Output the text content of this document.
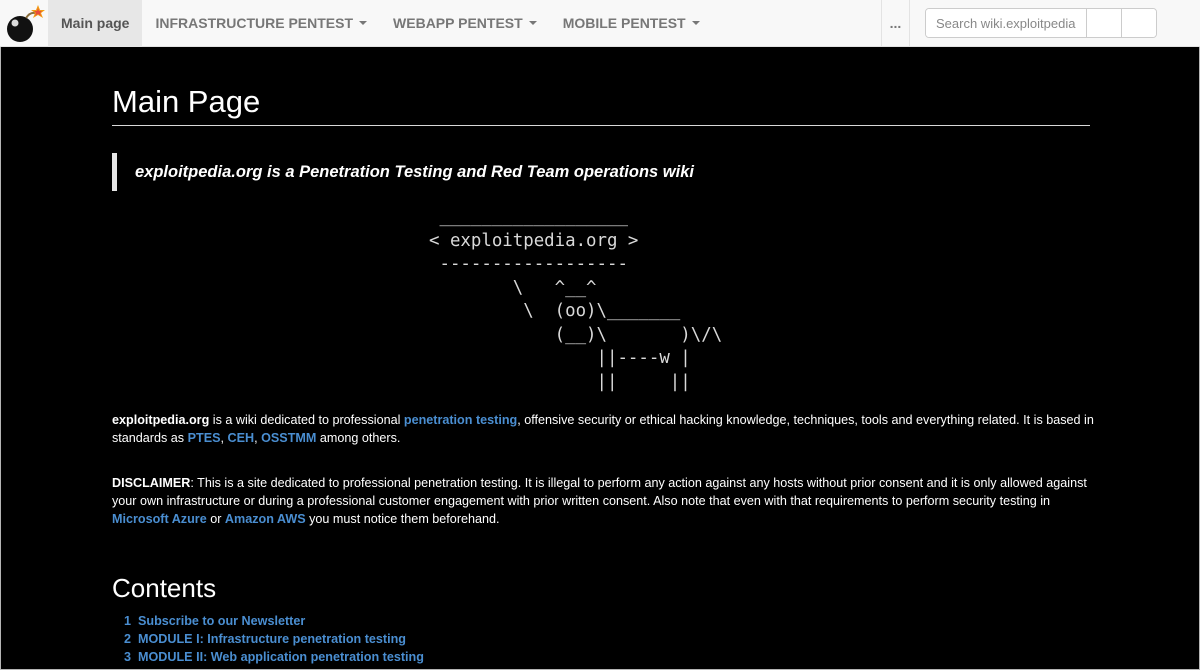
Main page INFRASTRUCTURE PENTEST	WEBAPP PENTEST	MOBILE PENTEST	...
Search wiki.exploitpedia.org
Main Page
exploitpedia.org is a Penetration Testing and Red Team operations wiki
__________________
< exploitpedia.org >
------------------
\   ^__^
\  (oo)\_______
(__)\       )\/\
||----w |
||     ||

exploitpedia.org is a wiki dedicated to professional penetration testing, offensive security or ethical hacking knowledge, techniques, tools and everything related. It is based in standards as PTES, CEH, OSSTMM among others.

DISCLAIMER: This is a site dedicated to professional penetration testing. It is illegal to perform any action against any hosts without prior consent and it is only allowed against your own infrastructure or during a professional customer engagement with prior written consent. Also note that even with that requirements to perform security testing in Microsoft Azure or Amazon AWS you must notice them beforehand.

Contents
1 Subscribe to our Newsletter
2 MODULE I: Infrastructure penetration testing
3 MODULE II: Web application penetration testing
